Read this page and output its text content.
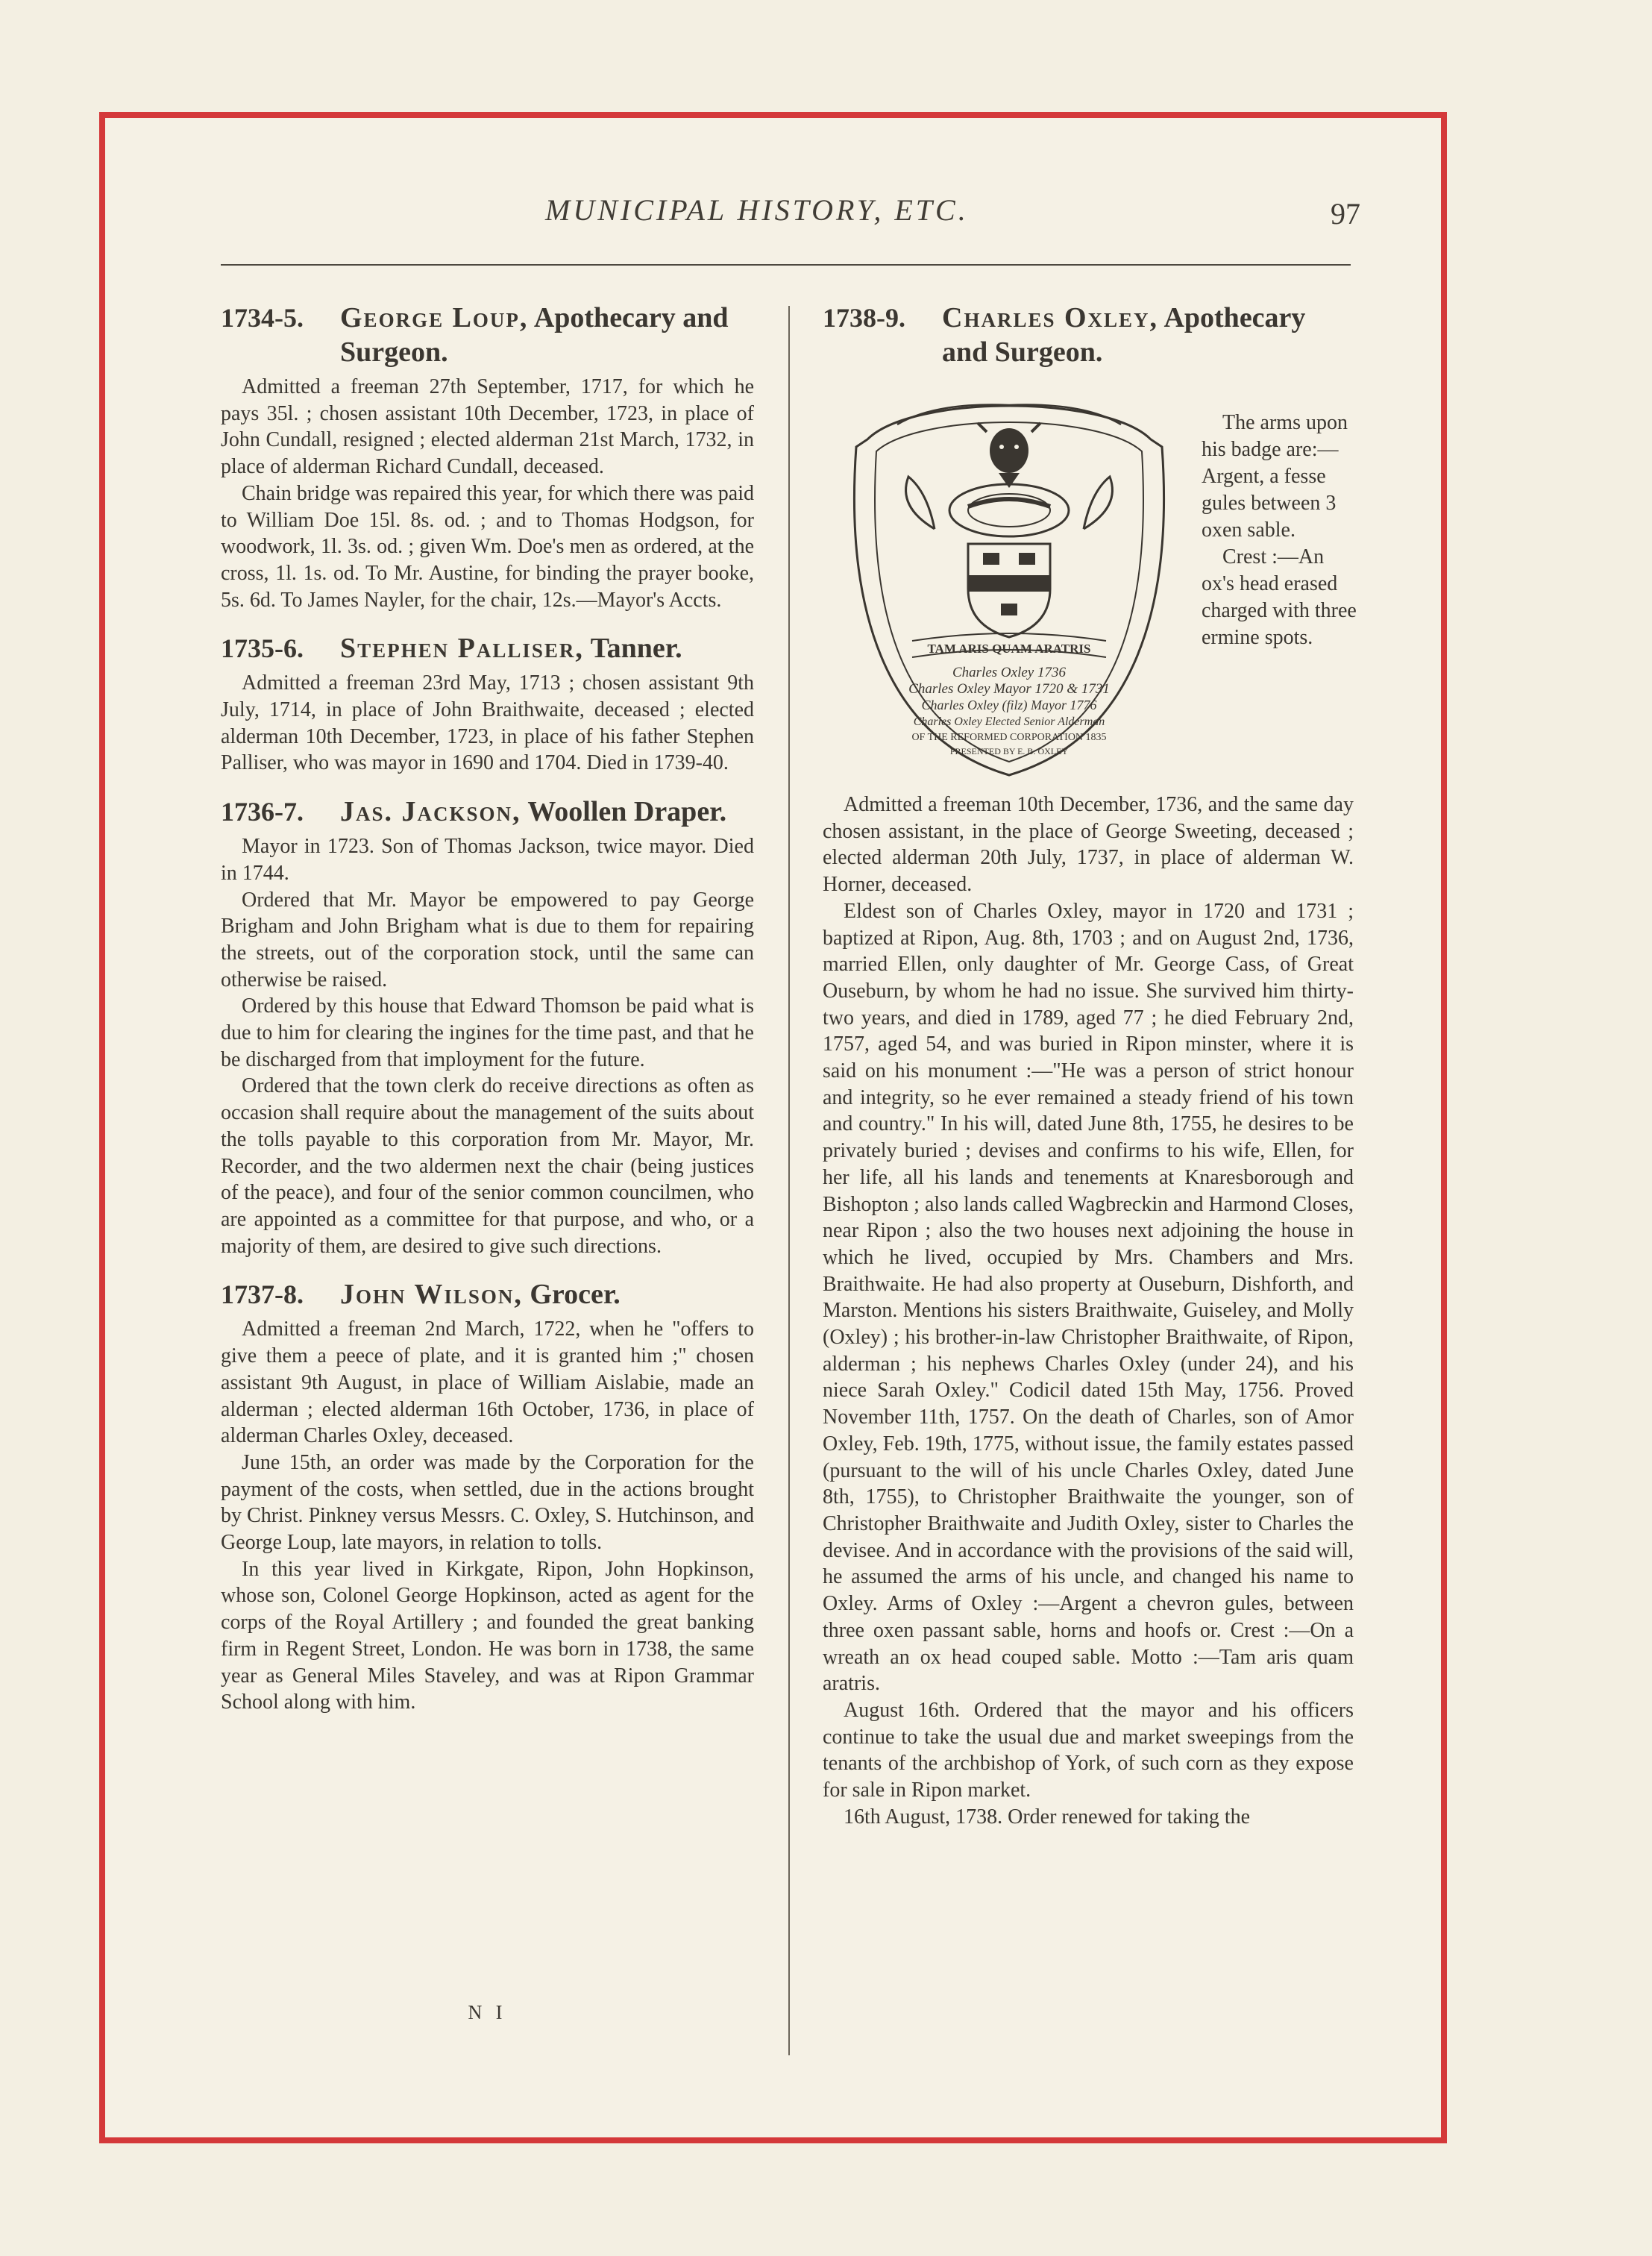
MUNICIPAL HISTORY, ETC.	97
1734-5. George Loup, Apothecary and Surgeon.

Admitted a freeman 27th September, 1717, for which he pays 35l. ; chosen assistant 10th December, 1723, in place of John Cundall, resigned ; elected alderman 21st March, 1732, in place of alderman Richard Cundall, deceased.

Chain bridge was repaired this year, for which there was paid to William Doe 15l. 8s. od. ; and to Thomas Hodgson, for woodwork, 1l. 3s. od. ; given Wm. Doe's men as ordered, at the cross, 1l. 1s. od. To Mr. Austine, for binding the prayer booke, 5s. 6d. To James Nayler, for the chair, 12s.—Mayor's Accts.

1735-6. Stephen Palliser, Tanner.

Admitted a freeman 23rd May, 1713 ; chosen assistant 9th July, 1714, in place of John Braithwaite, deceased ; elected alderman 10th December, 1723, in place of his father Stephen Palliser, who was mayor in 1690 and 1704. Died in 1739-40.

1736-7. Jas. Jackson, Woollen Draper.

Mayor in 1723. Son of Thomas Jackson, twice mayor. Died in 1744.

Ordered that Mr. Mayor be empowered to pay George Brigham and John Brigham what is due to them for repairing the streets, out of the corporation stock, until the same can otherwise be raised.

Ordered by this house that Edward Thomson be paid what is due to him for clearing the ingines for the time past, and that he be discharged from that imployment for the future.

Ordered that the town clerk do receive directions as often as occasion shall require about the management of the suits about the tolls payable to this corporation from Mr. Mayor, Mr. Recorder, and the two aldermen next the chair (being justices of the peace), and four of the senior common councilmen, who are appointed as a committee for that purpose, and who, or a majority of them, are desired to give such directions.

1737-8. John Wilson, Grocer.

Admitted a freeman 2nd March, 1722, when he "offers to give them a peece of plate, and it is granted him ;" chosen assistant 9th August, in place of William Aislabie, made an alderman ; elected alderman 16th October, 1736, in place of alderman Charles Oxley, deceased.

June 15th, an order was made by the Corporation for the payment of the costs, when settled, due in the actions brought by Christ. Pinkney versus Messrs. C. Oxley, S. Hutchinson, and George Loup, late mayors, in relation to tolls.

In this year lived in Kirkgate, Ripon, John Hopkinson, whose son, Colonel George Hopkinson, acted as agent for the corps of the Royal Artillery ; and founded the great banking firm in Regent Street, London. He was born in 1738, the same year as General Miles Staveley, and was at Ripon Grammar School along with him.

N I
1738-9. Charles Oxley, Apothecary and Surgeon.
TAM ARIS QUAM ARATRIS
Charles Oxley 1736
Charles Oxley Mayor 1720 & 1731
Charles Oxley (filz) Mayor 1776
Charles Oxley Elected Senior Alderman
OF THE REFORMED CORPORATION 1835
PRESENTED BY E. B. OXLEY

The arms upon his badge are:—Argent, a fesse gules between 3 oxen sable.

Crest :—An ox's head erased charged with three ermine spots.

Admitted a freeman 10th December, 1736, and the same day chosen assistant, in the place of George Sweeting, deceased ; elected alderman 20th July, 1737, in place of alderman W. Horner, deceased.

Eldest son of Charles Oxley, mayor in 1720 and 1731 ; baptized at Ripon, Aug. 8th, 1703 ; and on August 2nd, 1736, married Ellen, only daughter of Mr. George Cass, of Great Ouseburn, by whom he had no issue. She survived him thirty-two years, and died in 1789, aged 77 ; he died February 2nd, 1757, aged 54, and was buried in Ripon minster, where it is said on his monument :—"He was a person of strict honour and integrity, so he ever remained a steady friend of his town and country." In his will, dated June 8th, 1755, he desires to be privately buried ; devises and confirms to his wife, Ellen, for her life, all his lands and tenements at Knaresborough and Bishopton ; also lands called Wagbreckin and Harmond Closes, near Ripon ; also the two houses next adjoining the house in which he lived, occupied by Mrs. Chambers and Mrs. Braithwaite. He had also property at Ouseburn, Dishforth, and Marston. Mentions his sisters Braithwaite, Guiseley, and Molly (Oxley) ; his brother-in-law Christopher Braithwaite, of Ripon, alderman ; his nephews Charles Oxley (under 24), and his niece Sarah Oxley." Codicil dated 15th May, 1756. Proved November 11th, 1757. On the death of Charles, son of Amor Oxley, Feb. 19th, 1775, without issue, the family estates passed (pursuant to the will of his uncle Charles Oxley, dated June 8th, 1755), to Christopher Braithwaite the younger, son of Christopher Braithwaite and Judith Oxley, sister to Charles the devisee. And in accordance with the provisions of the said will, he assumed the arms of his uncle, and changed his name to Oxley. Arms of Oxley :—Argent a chevron gules, between three oxen passant sable, horns and hoofs or. Crest :—On a wreath an ox head couped sable. Motto :—Tam aris quam aratris.

August 16th. Ordered that the mayor and his officers continue to take the usual due and market sweepings from the tenants of the archbishop of York, of such corn as they expose for sale in Ripon market.

16th August, 1738. Order renewed for taking the
